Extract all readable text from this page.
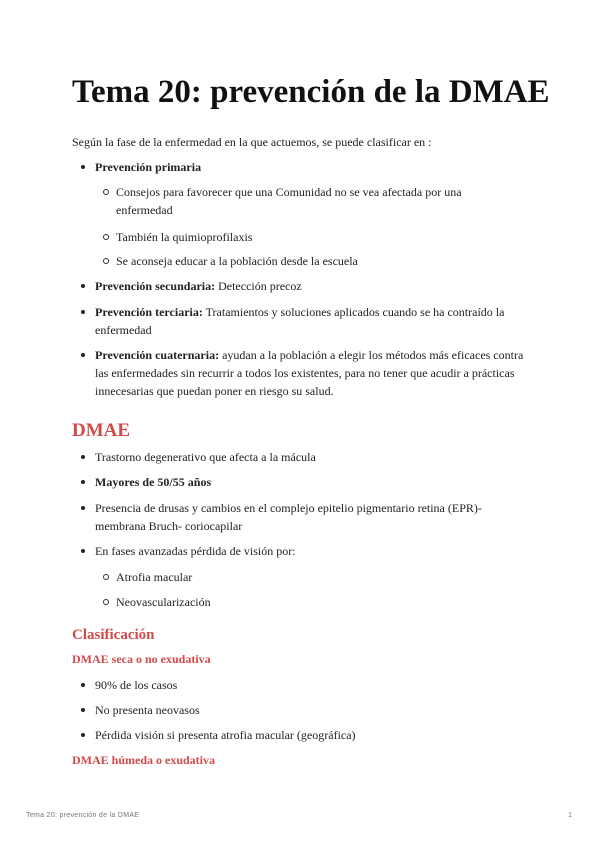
Tema 20: prevención de la DMAE

Según la fase de la enfermedad en la que actuemos, se puede clasificar en :

Prevención primaria
Consejos para favorecer que una Comunidad no se vea afectada por una enfermedad
También la quimioprofilaxis
Se aconseja educar a la población desde la escuela
Prevención secundaria: Detección precoz
Prevención terciaria: Tratamientos y soluciones aplicados cuando se ha contraído la enfermedad
Prevención cuaternaria: ayudan a la población a elegir los métodos más eficaces contra las enfermedades sin recurrir a todos los existentes, para no tener que acudir a prácticas innecesarias que puedan poner en riesgo su salud.
DMAE
Trastorno degenerativo que afecta a la mácula
Mayores de 50/55 años
Presencia de drusas y cambios en el complejo epitelio pigmentario retina (EPR)- membrana Bruch- coriocapilar
En fases avanzadas pérdida de visión por:
Atrofia macular
Neovascularización
Clasificación
DMAE seca o no exudativa
90% de los casos
No presenta neovasos
Pérdida visión si presenta atrofia macular (geográfica)
DMAE húmeda o exudativa
Tema 20: prevención de la DMAE	1
